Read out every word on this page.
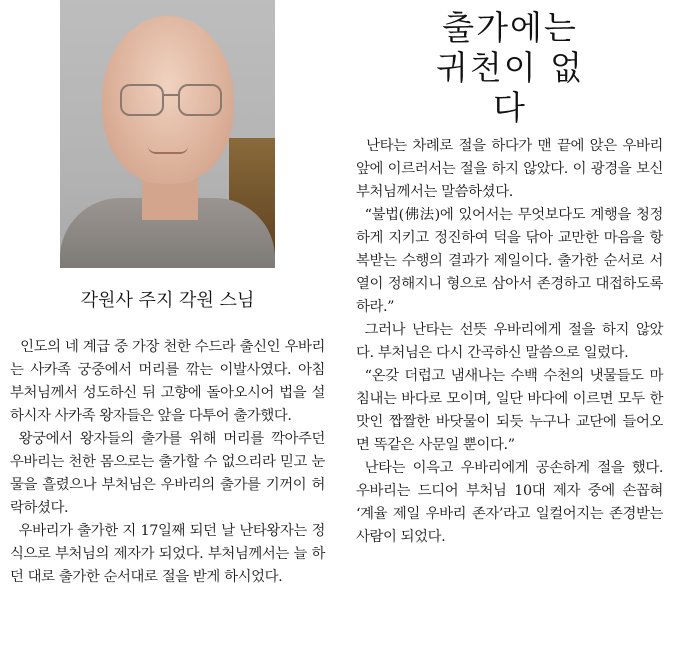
출가에는
귀천이 없다
각원사 주지 각원 스님

인도의 네 계급 중 가장 천한 수드라 출신인 우바리는 사카족 궁중에서 머리를 깎는 이발사였다. 아침 부처님께서 성도하신 뒤 고향에 돌아오시어 법을 설하시자 사카족 왕자들은 앞을 다투어 출가했다.

왕궁에서 왕자들의 출가를 위해 머리를 깍아주던 우바리는 천한 몸으로는 출가할 수 없으리라 믿고 눈물을 흘렸으나 부처님은 우바리의 출가를 기꺼이 허락하셨다.

우바리가 출가한 지 17일째 되던 날 난타왕자는 정식으로 부처님의 제자가 되었다. 부처님께서는 늘 하던 대로 출가한 순서대로 절을 받게 하시었다.

난타는 차례로 절을 하다가 맨 끝에 앉은 우바리 앞에 이르러서는 절을 하지 않았다. 이 광경을 보신 부처님께서는 말씀하셨다.

“불법(佛法)에 있어서는 무엇보다도 계행을 청정하게 지키고 정진하여 덕을 닦아 교만한 마음을 항복받는 수행의 결과가 제일이다. 출가한 순서로 서열이 정해지니 형으로 삼아서 존경하고 대접하도록 하라.”

그러나 난타는 선뜻 우바리에게 절을 하지 않았다. 부처님은 다시 간곡하신 말씀으로 일렀다.

“온갖 더럽고 냄새나는 수백 수천의 냇물들도 마침내는 바다로 모이며, 일단 바다에 이르면 모두 한 맛인 짭짤한 바닷물이 되듯 누구나 교단에 들어오면 똑같은 사문일 뿐이다.”

난타는 이윽고 우바리에게 공손하게 절을 했다. 우바리는 드디어 부처님 10대 제자 중에 손꼽혀 ‘계율 제일 우바리 존자’라고 일컬어지는 존경받는 사람이 되었다.
